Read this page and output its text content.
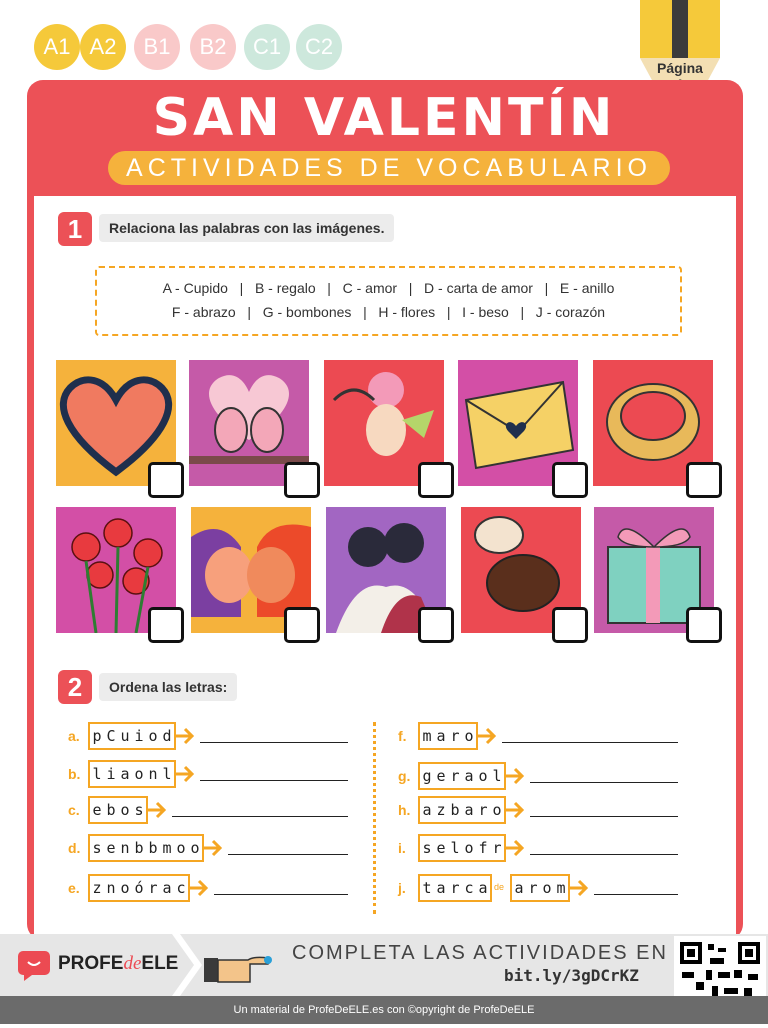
A1 A2	B1	B2	C1	C2
Página
SAN VALENTÍN
ACTIVIDADES DE VOCABULARIO
1	Relaciona las palabras con las imágenes.
A - Cupido   |   B - regalo   |   C - amor   |   D - carta de amor   |   E - anillo
F - abrazo   |   G - bombones   |   H - flores   |   I - beso   |   J - corazón
2	Ordena las letras:
a. p C u i o d
b. l i a o n l
c. e b o s
d. s e n b b m o o
e. z n o ó r a c
f. m a r o
g. g e r a o l
h. a z b a r o
i. s e l o f r
j. t a r c a de a r o m
PROFEdeELE	COMPLETA LAS ACTIVIDADES EN
bit.ly/3gDCrKZ
Un material de ProfeDeELE.es con ©opyright de ProfeDeELE
